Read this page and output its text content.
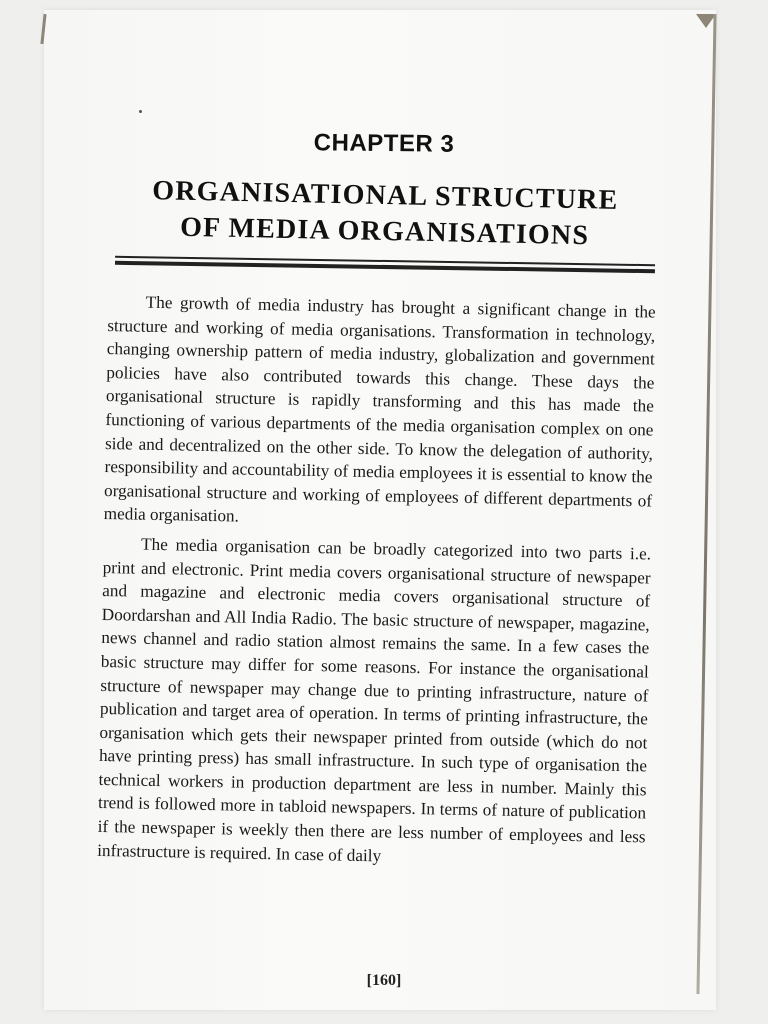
CHAPTER 3
ORGANISATIONAL STRUCTURE
OF MEDIA ORGANISATIONS

The growth of media industry has brought a significant change in the structure and working of media organisations. Transformation in technology, changing ownership pattern of media industry, globalization and government policies have also contributed towards this change. These days the organisational structure is rapidly transforming and this has made the functioning of various departments of the media organisation complex on one side and decentralized on the other side. To know the delegation of authority, responsibility and accountability of media employees it is essential to know the organisational structure and working of employees of different departments of media organisation.

The media organisation can be broadly categorized into two parts i.e. print and electronic. Print media covers organisational structure of newspaper and magazine and electronic media covers organisational structure of Doordarshan and All India Radio. The basic structure of newspaper, magazine, news channel and radio station almost remains the same. In a few cases the basic structure may differ for some reasons. For instance the organisational structure of newspaper may change due to printing infrastructure, nature of publication and target area of operation. In terms of printing infrastructure, the organisation which gets their newspaper printed from outside (which do not have printing press) has small infrastructure. In such type of organisation the technical workers in production department are less in number. Mainly this trend is followed more in tabloid newspapers. In terms of nature of publication if the newspaper is weekly then there are less number of employees and less infrastructure is required. In case of daily

[160]
